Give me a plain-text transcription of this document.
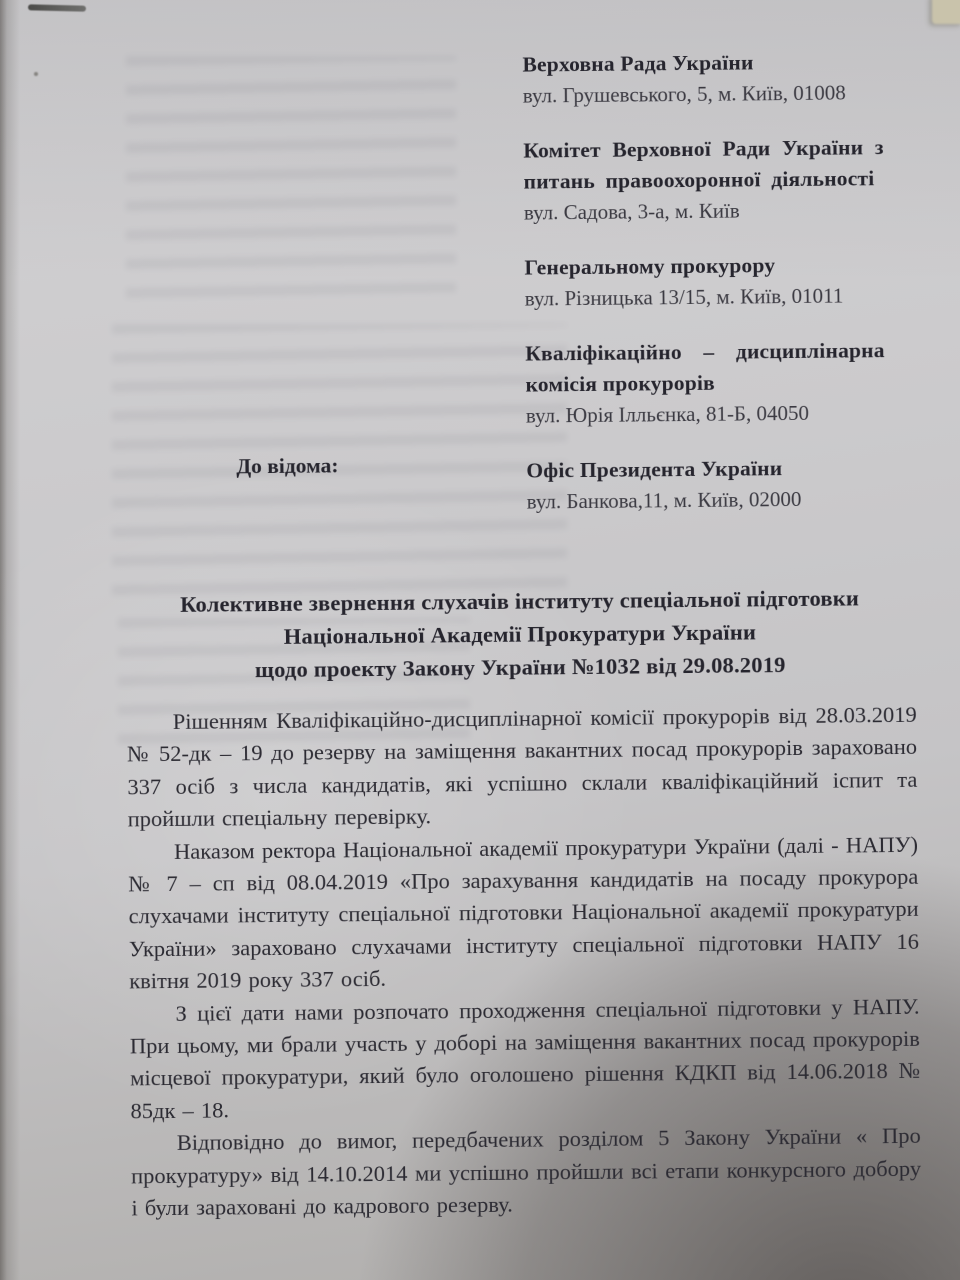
Верховна Рада України
вул. Грушевського, 5, м. Київ, 01008
Комітет Верховної Ради України з
питань правоохоронної діяльності
вул. Садова, 3-а, м. Київ
Генеральному прокурору
вул. Різницька 13/15, м. Київ, 01011
Кваліфікаційно – дисциплінарна
комісія прокурорів
вул. Юрія Ілльєнка, 81-Б, 04050
Офіс Президента України
вул. Банкова,11, м. Київ, 02000
До відома:
Колективне звернення слухачів інституту спеціальної підготовки
Національної Академії Прокуратури України
щодо проекту Закону України №1032 від 29.08.2019

Рішенням Кваліфікаційно-дисциплінарної комісії прокурорів від 28.03.2019 № 52-дк – 19 до резерву на заміщення вакантних посад прокурорів зараховано 337 осіб з числа кандидатів, які успішно склали кваліфікаційний іспит та пройшли спеціальну перевірку.

Наказом ректора Національної академії прокуратури України (далі - НАПУ) № 7 – сп від 08.04.2019 «Про зарахування кандидатів на посаду прокурора слухачами інституту спеціальної підготовки Національної академії прокуратури України» зараховано слухачами інституту спеціальної підготовки НАПУ 16 квітня 2019 року 337 осіб.

З цієї дати нами розпочато проходження спеціальної підготовки у НАПУ. При цьому, ми брали участь у доборі на заміщення вакантних посад прокурорів місцевої прокуратури, який було оголошено рішення КДКП від 14.06.2018 № 85дк – 18.

Відповідно до вимог, передбачених розділом 5 Закону України « Про прокуратуру» від 14.10.2014 ми успішно пройшли всі етапи конкурсного добору і були зараховані до кадрового резерву.
